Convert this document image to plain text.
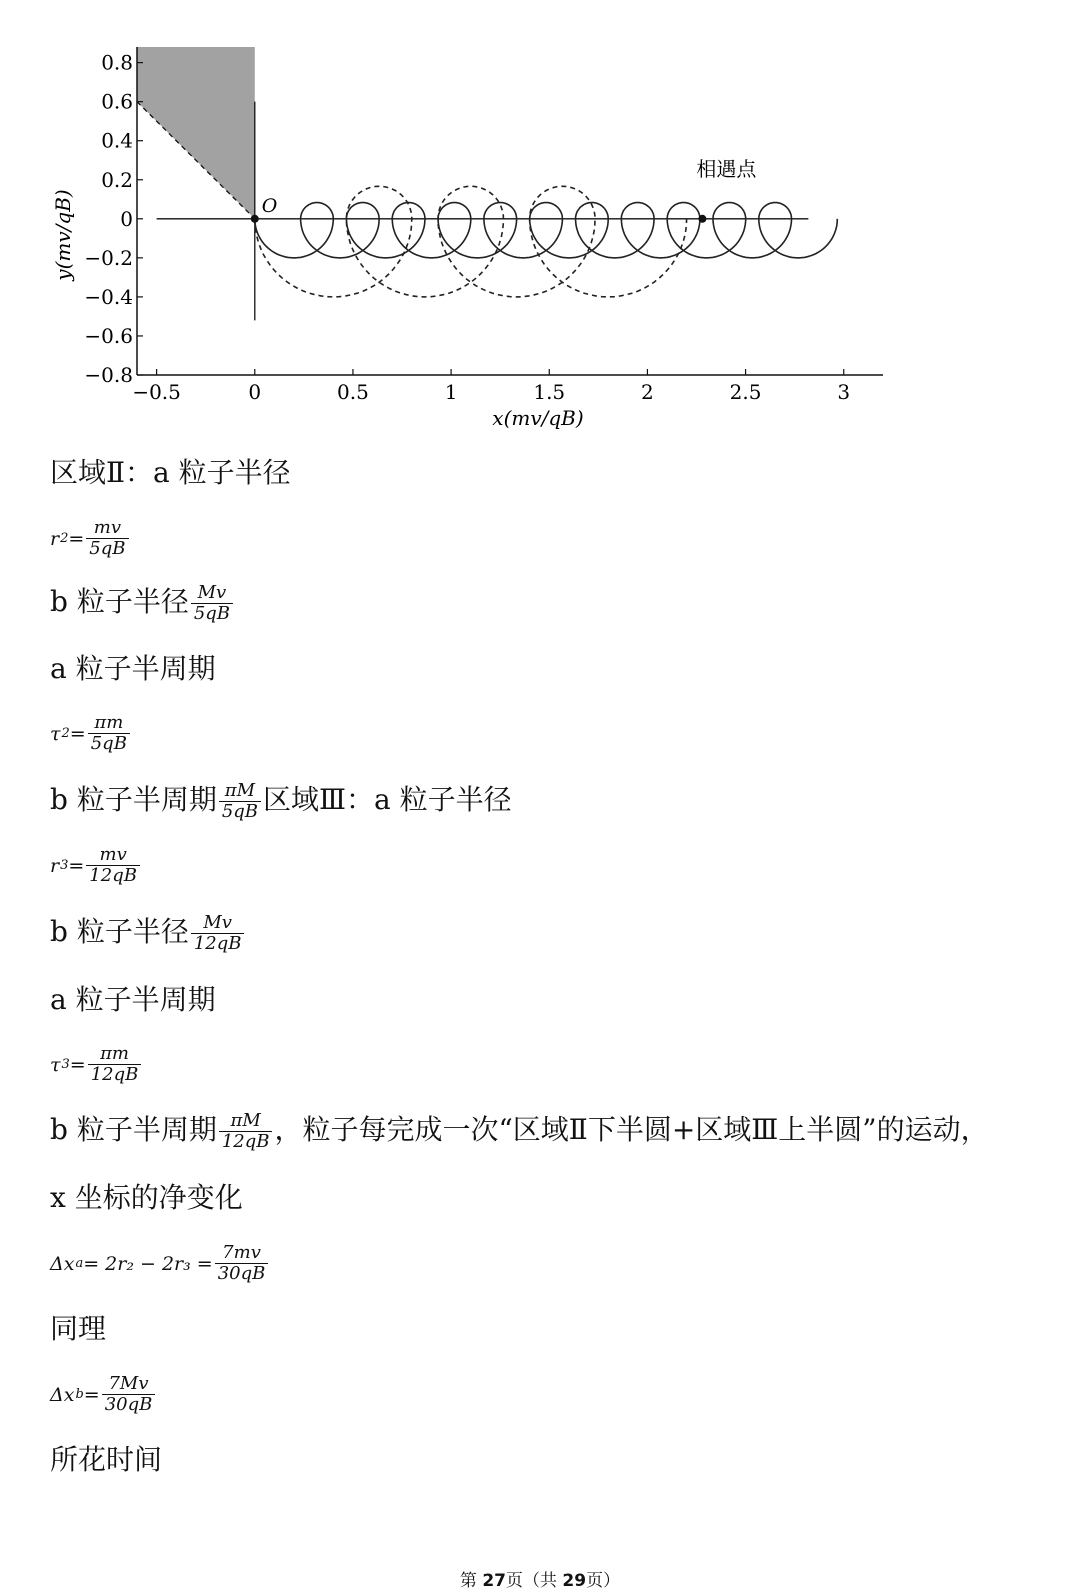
−0.5	0	0.5	1	1.5	2	2.5	3
0.8
0.6
0.4
0.2
0
−0.2
−0.4
−0.6
−0.8
x(mv/qB)
y(mv/qB)	O
相遇点
区域Ⅱ：a 粒子半径
r $2 = \frac{mv}{5qB}$
b 粒子半径 $\frac{Mv}{5qB}$
a 粒子半周期
τ $2 = \frac{\pi m}{5qB}$
b 粒子半周期 $\frac{\pi M}{5qB}$ 区域Ⅲ：a 粒子半径
r $3 = \frac{mv}{12qB}$
b 粒子半径 $\frac{Mv}{12qB}$
a 粒子半周期
τ $3 = \frac{\pi m}{12qB}$
b 粒子半周期 $\frac{\pi M}{12qB}$ ，粒子每完成一次“区域Ⅱ下半圆+区域Ⅲ上半圆”的运动，
x 坐标的净变化
Δx $a = 2r_2 - 2r_3 = \frac{7mv}{30qB}$
同理
Δx $b = \frac{7Mv}{30qB}$
所花时间
第 27页（共 29页）
